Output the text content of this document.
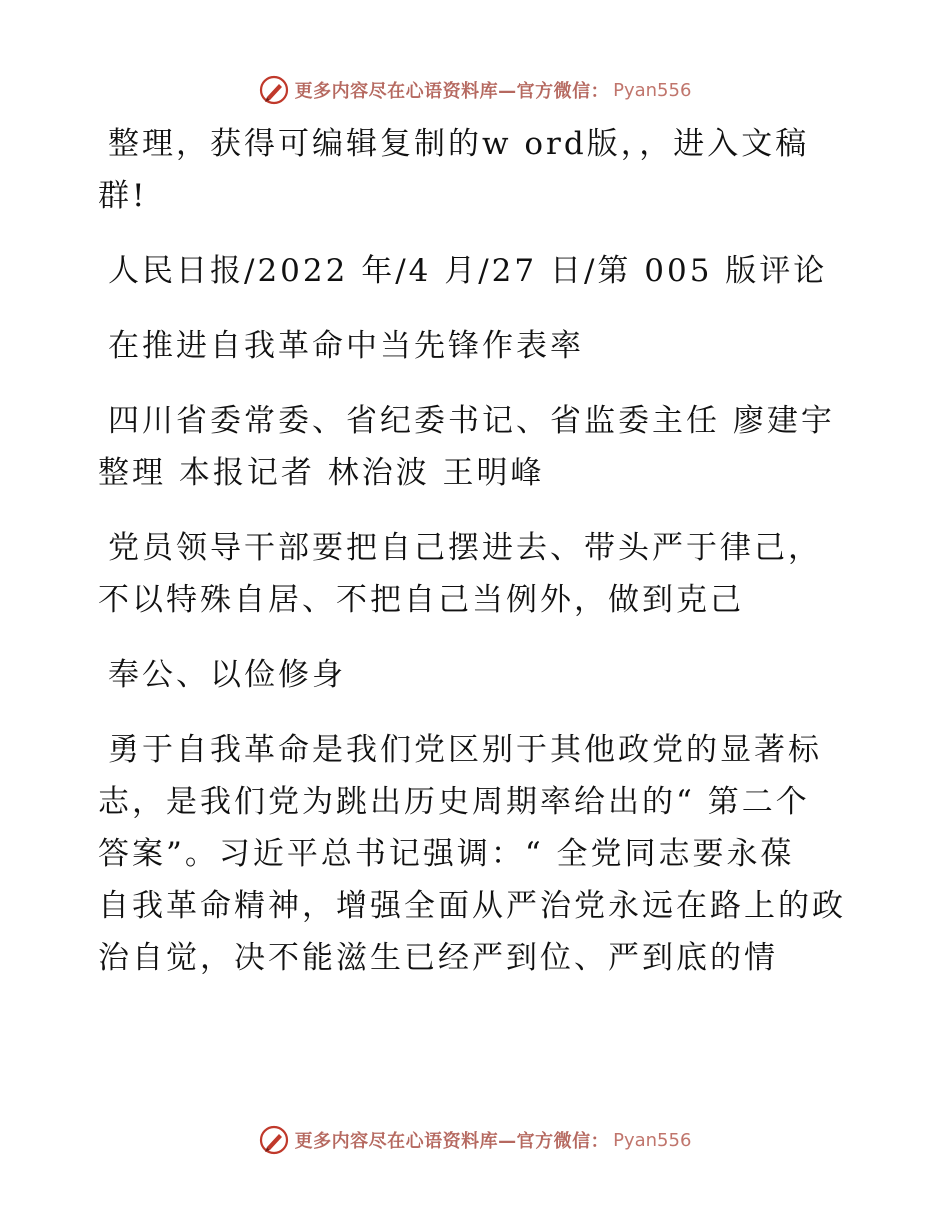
更多内容尽在心语资料库—官方微信： Pyan556
整理，获得可编辑复制的w ord版，，进入文稿
群!
人民日报/2022 年/4 月/27 日/第 005 版评论
在推进自我革命中当先锋作表率
四川省委常委、省纪委书记、省监委主任 廖建宇
整理 本报记者 林治波 王明峰
党员领导干部要把自己摆进去、带头严于律己，
不以特殊自居、不把自己当例外，做到克己
奉公、以俭修身
勇于自我革命是我们党区别于其他政党的显著标
志，是我们党为跳出历史周期率给出的“ 第二个
答案”。习近平总书记强调：“ 全党同志要永葆
自我革命精神，增强全面从严治党永远在路上的政
治自觉，决不能滋生已经严到位、严到底的情
更多内容尽在心语资料库—官方微信： Pyan556
